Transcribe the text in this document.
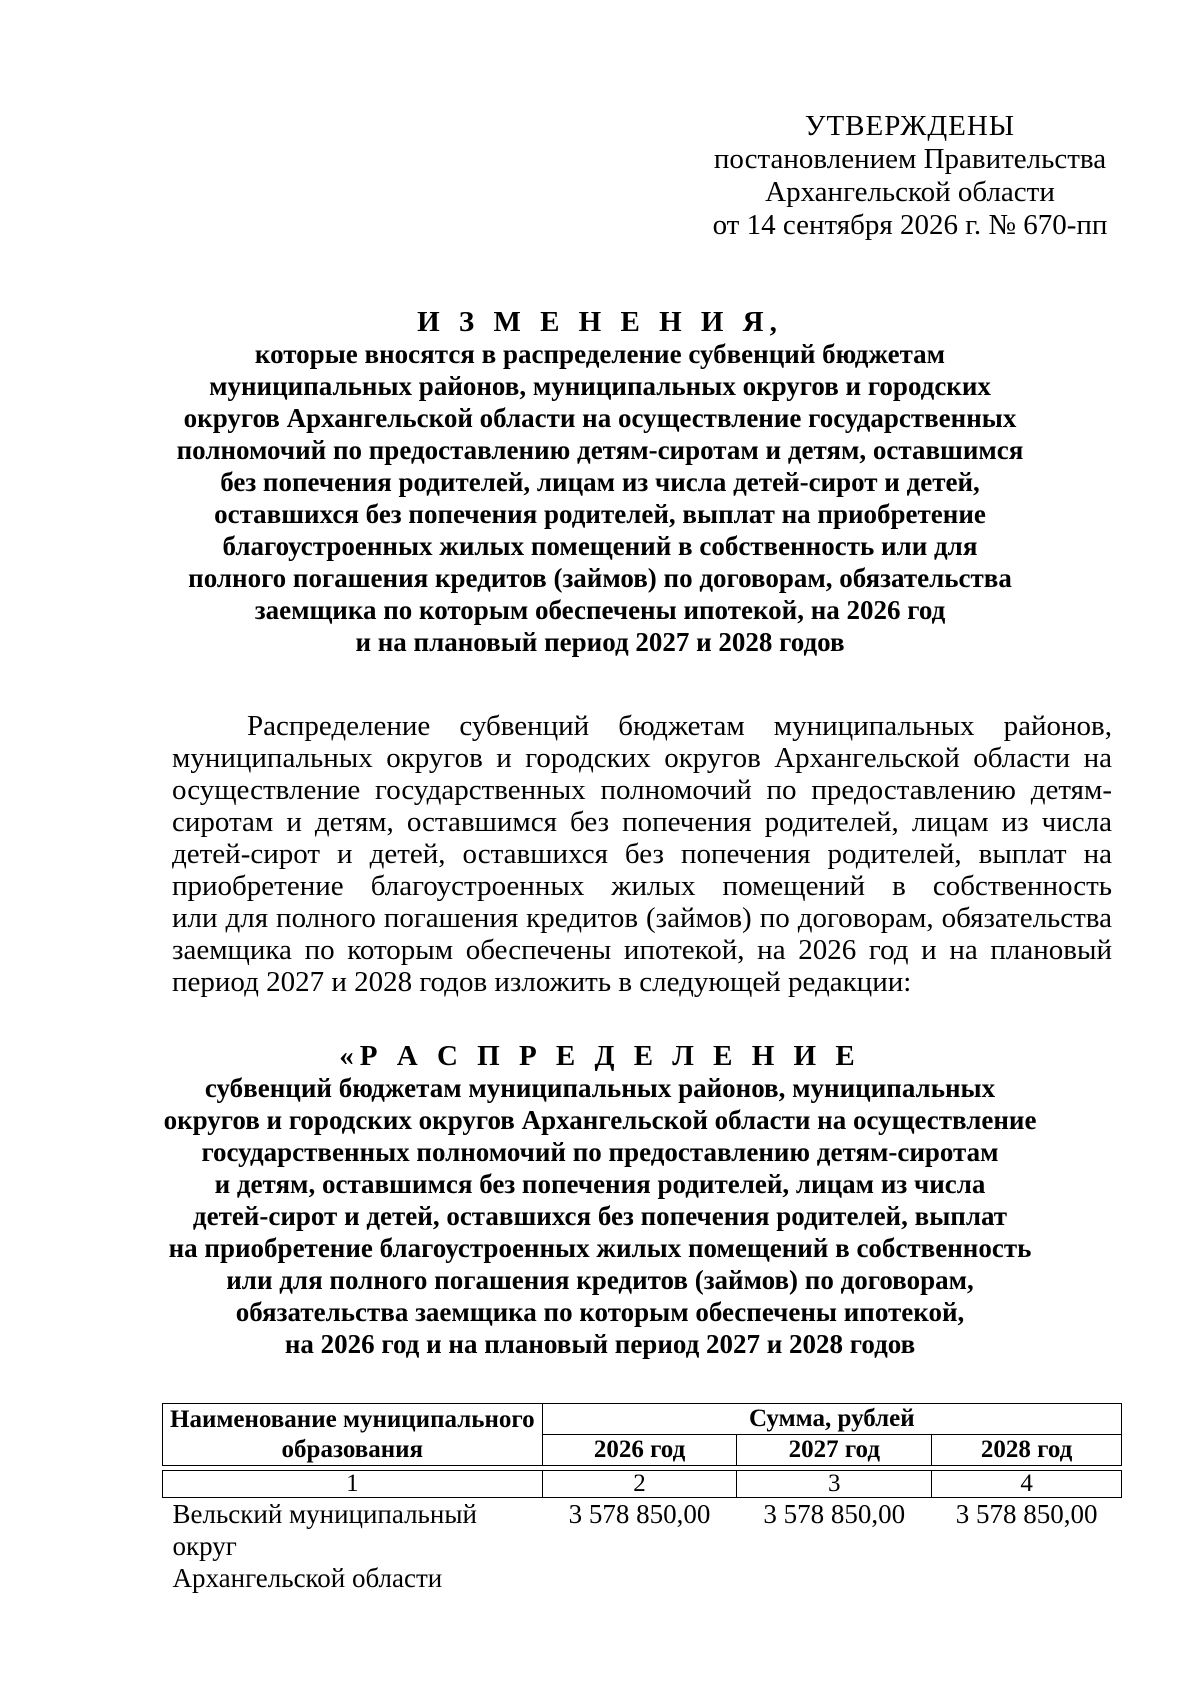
УТВЕРЖДЕНЫ
постановлением Правительства
Архангельской области
от 14 сентября 2026 г. № 670-пп
И З М Е Н Е Н И Я,
которые вносятся в распределение субвенций бюджетам
муниципальных районов, муниципальных округов и городских
округов Архангельской области на осуществление государственных
полномочий по предоставлению детям-сиротам и детям, оставшимся
без попечения родителей, лицам из числа детей-сирот и детей,
оставшихся без попечения родителей, выплат на приобретение
благоустроенных жилых помещений в собственность или для
полного погашения кредитов (займов) по договорам, обязательства
заемщика по которым обеспечены ипотекой, на 2026 год
и на плановый период 2027 и 2028 годов
Распределение субвенций бюджетам муниципальных районов,
муниципальных округов и городских округов Архангельской области на
осуществление государственных полномочий по предоставлению детям-
сиротам и детям, оставшимся без попечения родителей, лицам из числа
детей-сирот и детей, оставшихся без попечения родителей, выплат на
приобретение благоустроенных жилых помещений в собственность
или для полного погашения кредитов (займов) по договорам, обязательства
заемщика по которым обеспечены ипотекой, на 2026 год и на плановый
период 2027 и 2028 годов изложить в следующей редакции:
«Р А С П Р Е Д Е Л Е Н И Е
субвенций бюджетам муниципальных районов, муниципальных
округов и городских округов Архангельской области на осуществление
государственных полномочий по предоставлению детям-сиротам
и детям, оставшимся без попечения родителей, лицам из числа
детей-сирот и детей, оставшихся без попечения родителей, выплат
на приобретение благоустроенных жилых помещений в собственность
или для полного погашения кредитов (займов) по договорам,
обязательства заемщика по которым обеспечены ипотекой,
на 2026 год и на плановый период 2027 и 2028 годов
Наименование муниципального
образования	Сумма, рублей		
	2026 год	2027 год	2028 год

1	2	3	4

Вельский муниципальный округ
Архангельской области	3 578 850,00	3 578 850,00	3 578 850,00
